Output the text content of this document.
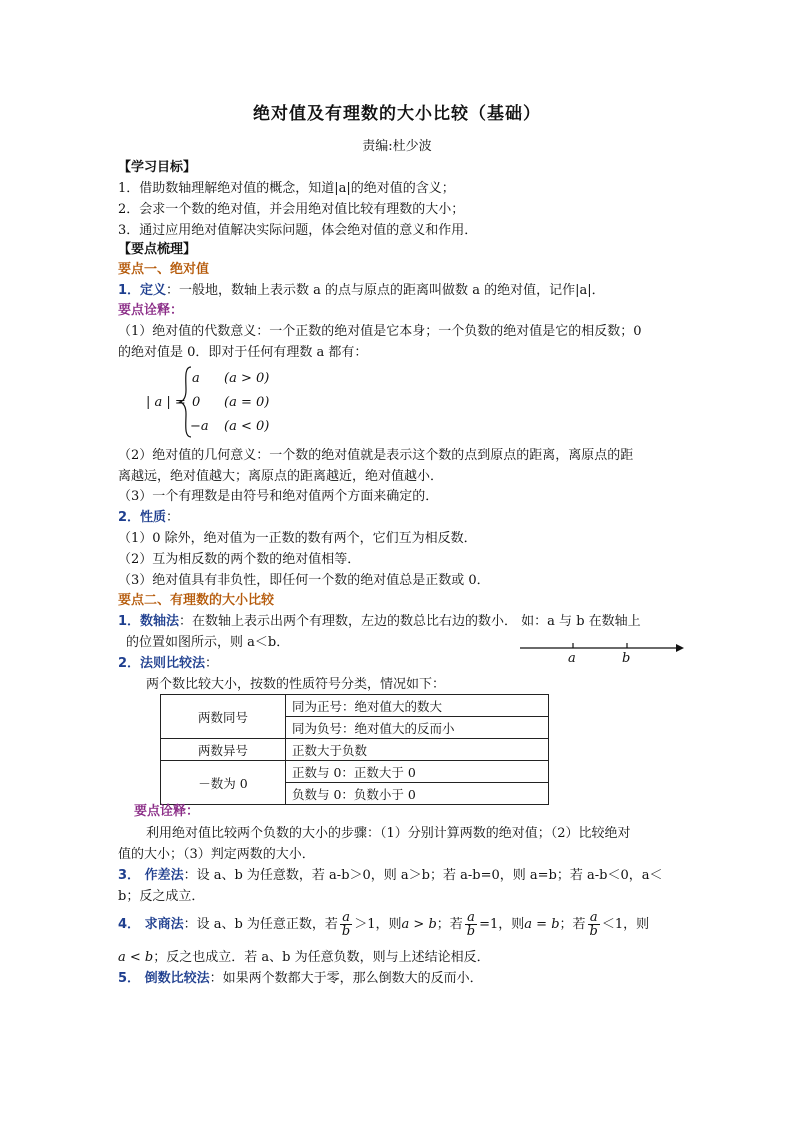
绝对值及有理数的大小比较（基础）
责编:杜少波
【学习目标】
1．借助数轴理解绝对值的概念，知道|a|的绝对值的含义；
2．会求一个数的绝对值，并会用绝对值比较有理数的大小；
3．通过应用绝对值解决实际问题，体会绝对值的意义和作用．
【要点梳理】
要点一、绝对值
1．定义：一般地，数轴上表示数 a 的点与原点的距离叫做数 a 的绝对值，记作|a|．
要点诠释：
（1）绝对值的代数意义：一个正数的绝对值是它本身；一个负数的绝对值是它的相反数；0
的绝对值是 0．即对于任何有理数 a 都有：
| a | =
a (a > 0)
0 (a = 0)
−a (a < 0)
（2）绝对值的几何意义：一个数的绝对值就是表示这个数的点到原点的距离，离原点的距
离越远，绝对值越大；离原点的距离越近，绝对值越小．
（3）一个有理数是由符号和绝对值两个方面来确定的．
2．性质：
（1）0 除外，绝对值为一正数的数有两个，它们互为相反数．
（2）互为相反数的两个数的绝对值相等．
（3）绝对值具有非负性，即任何一个数的绝对值总是正数或 0．
要点二、有理数的大小比较
1．数轴法：在数轴上表示出两个有理数，左边的数总比右边的数小． 如：a 与 b 在数轴上
的位置如图所示，则 a＜b．
a	b
2．法则比较法：
两个数比较大小，按数的性质符号分类，情况如下：
两数同号	同为正号：绝对值大的数大
	同为负号：绝对值大的反而小
两数异号	正数大于负数
－数为 0	正数与 0：正数大于 0
	负数与 0：负数小于 0
要点诠释：
利用绝对值比较两个负数的大小的步骤：（1）分别计算两数的绝对值；（2）比较绝对
值的大小；（3）判定两数的大小．
3． 作差法：设 a、b 为任意数，若 a-b＞0，则 a＞b；若 a-b=0，则 a=b；若 a-b＜0，a＜
b；反之成立．
4． 求商法：设 a、b 为任意正数，若 $\frac{a}{b} >1$，则a > b；若 $\frac{a}{b} =1$，则a = b；若 $\frac{a}{b} <1$，则
a < b；反之也成立．若 a、b 为任意负数，则与上述结论相反．
5． 倒数比较法：如果两个数都大于零，那么倒数大的反而小．
